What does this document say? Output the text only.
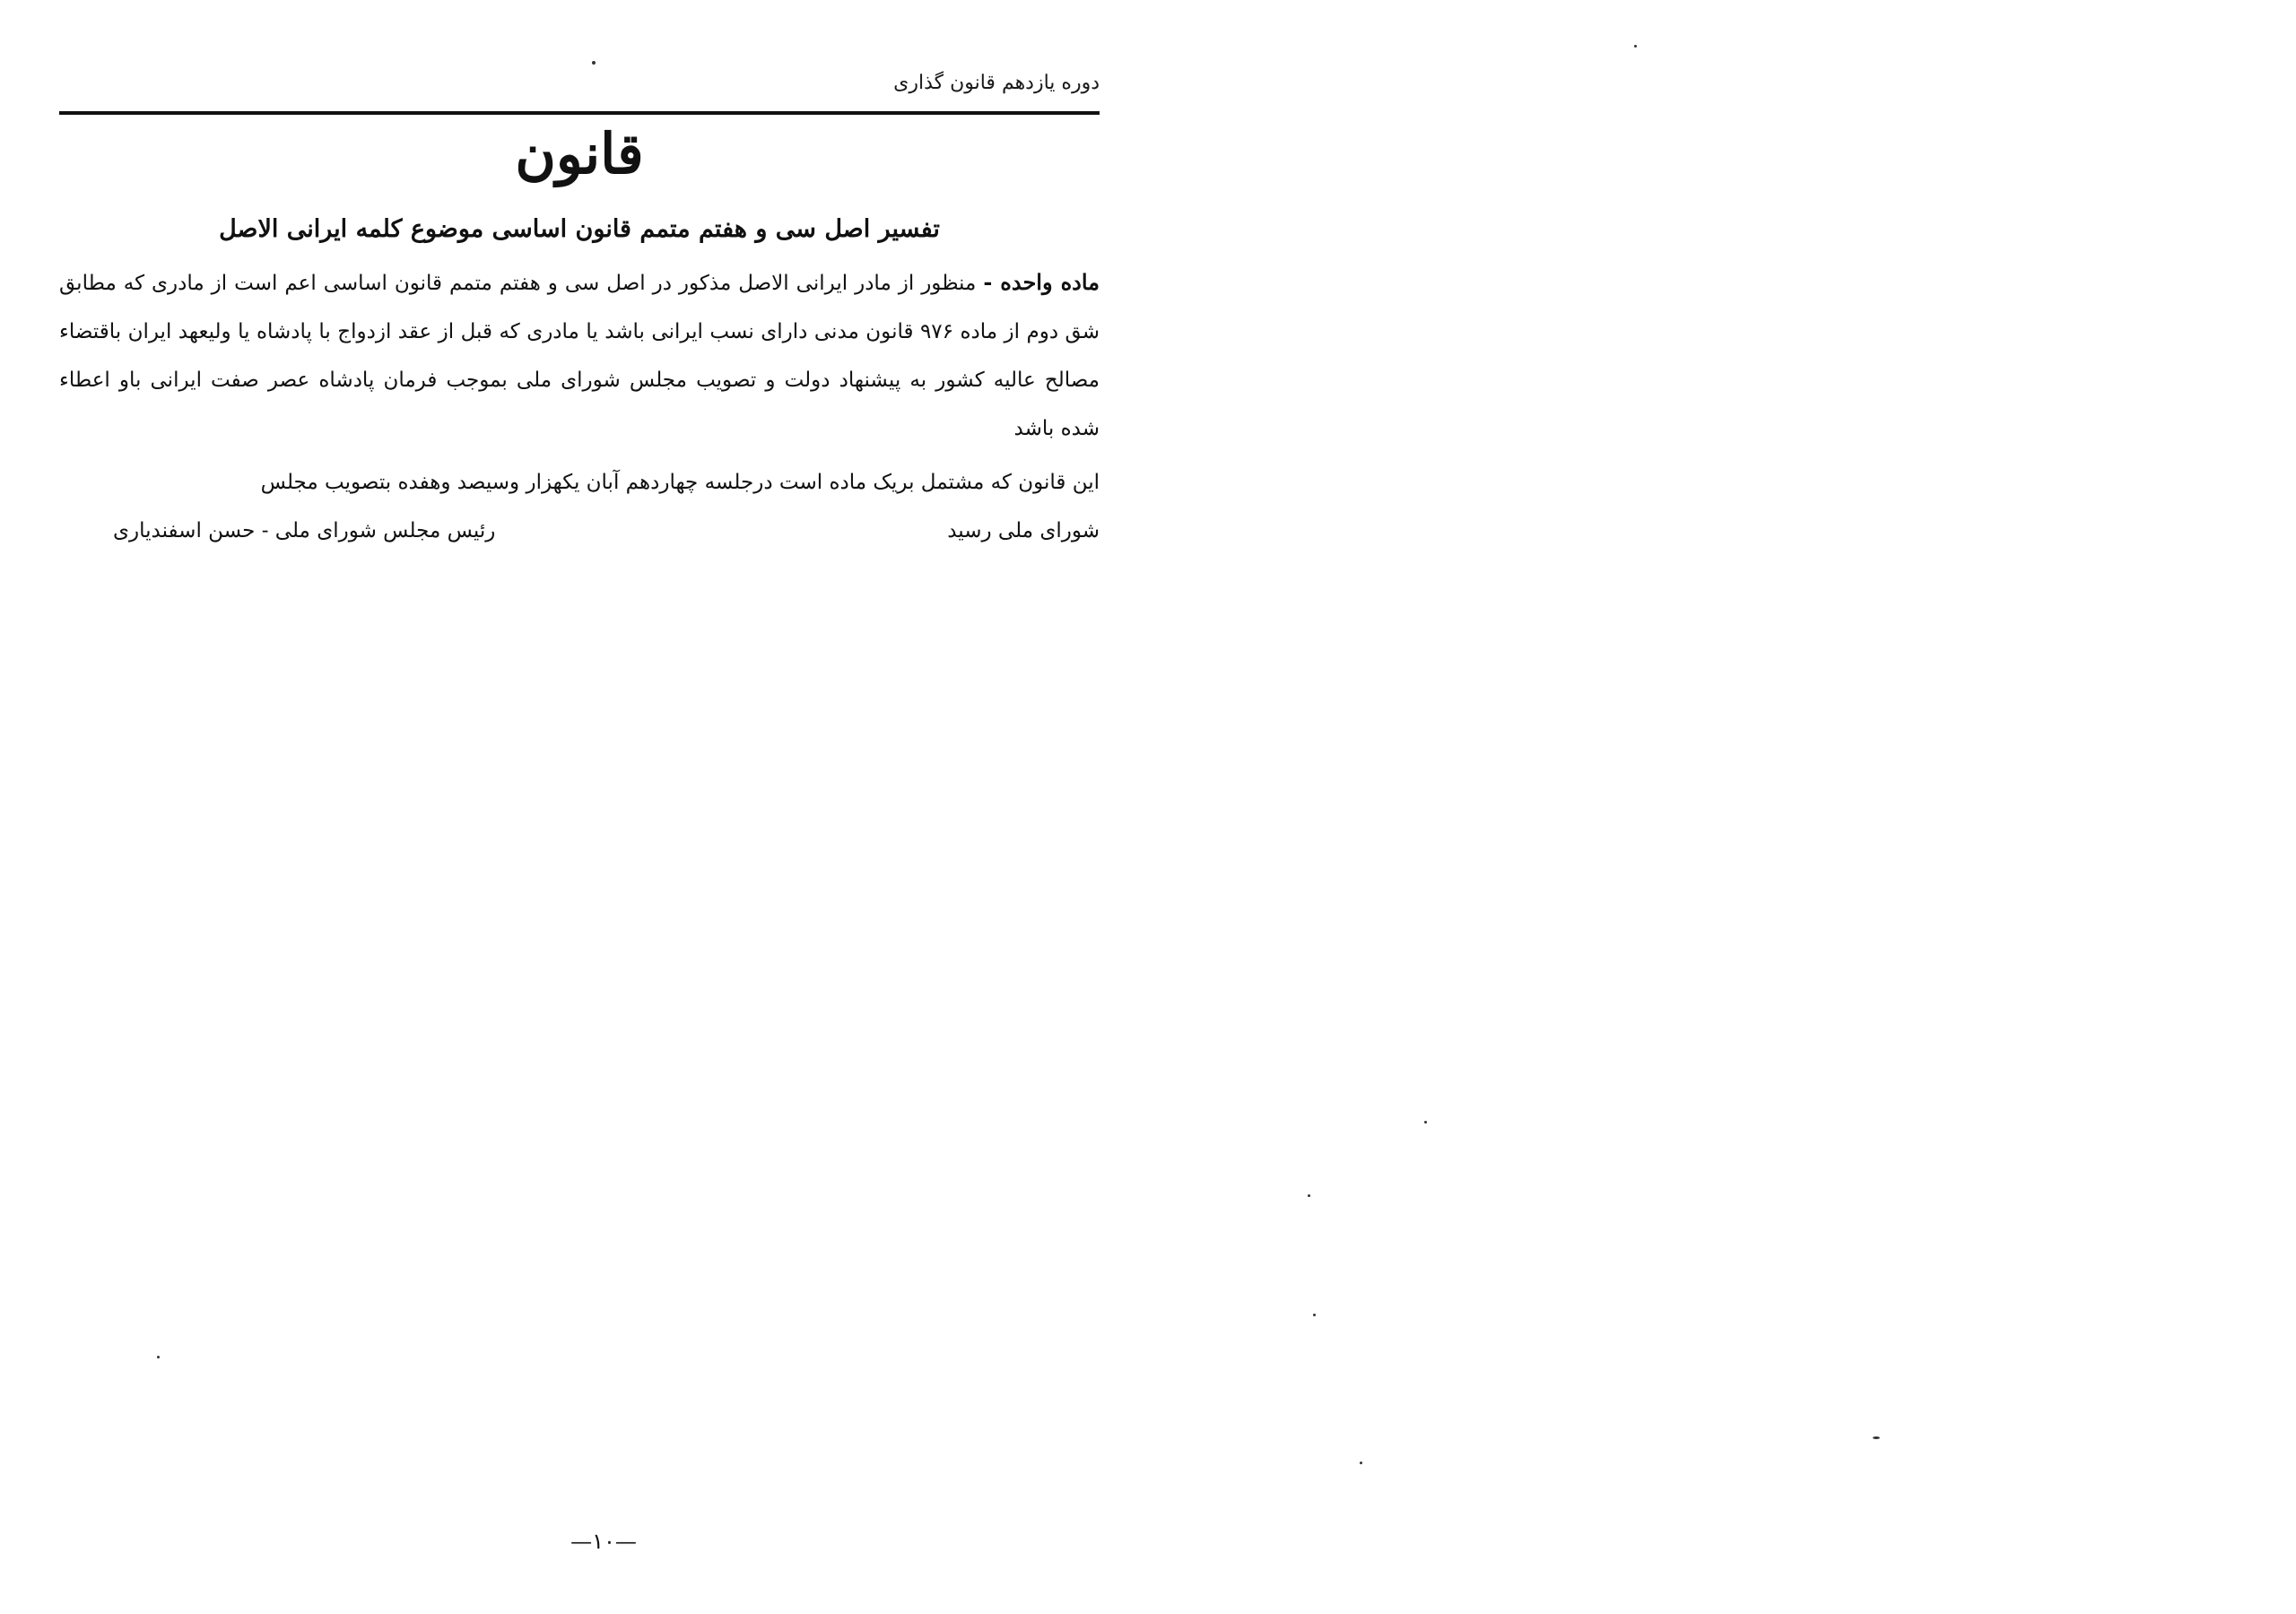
دوره یازدهم قانون گذاری
قانون
تفسیر اصل سی و هفتم متمم قانون اساسی موضوع کلمه ایرانی الاصل

ماده واحده - منظور از مادر ایرانی الاصل مذکور در اصل سی و هفتم متمم قانون اساسی اعم است از مادری که مطابق شق دوم از ماده ۹۷۶ قانون مدنی دارای نسب ایرانی باشد یا مادری که قبل از عقد ازدواج با پادشاه یا ولیعهد ایران باقتضاء مصالح عالیه کشور به پیشنهاد دولت و تصویب مجلس شورای ملی بموجب فرمان پادشاه عصر صفت ایرانی باو اعطاء شده باشد

این قانون که مشتمل بریک ماده است درجلسه چهاردهم آبان یکهزار وسیصد وهفده بتصویب مجلس

شورای ملی رسید
رئیس مجلس شورای ملی - حسن اسفندیاری
—۱۰—
